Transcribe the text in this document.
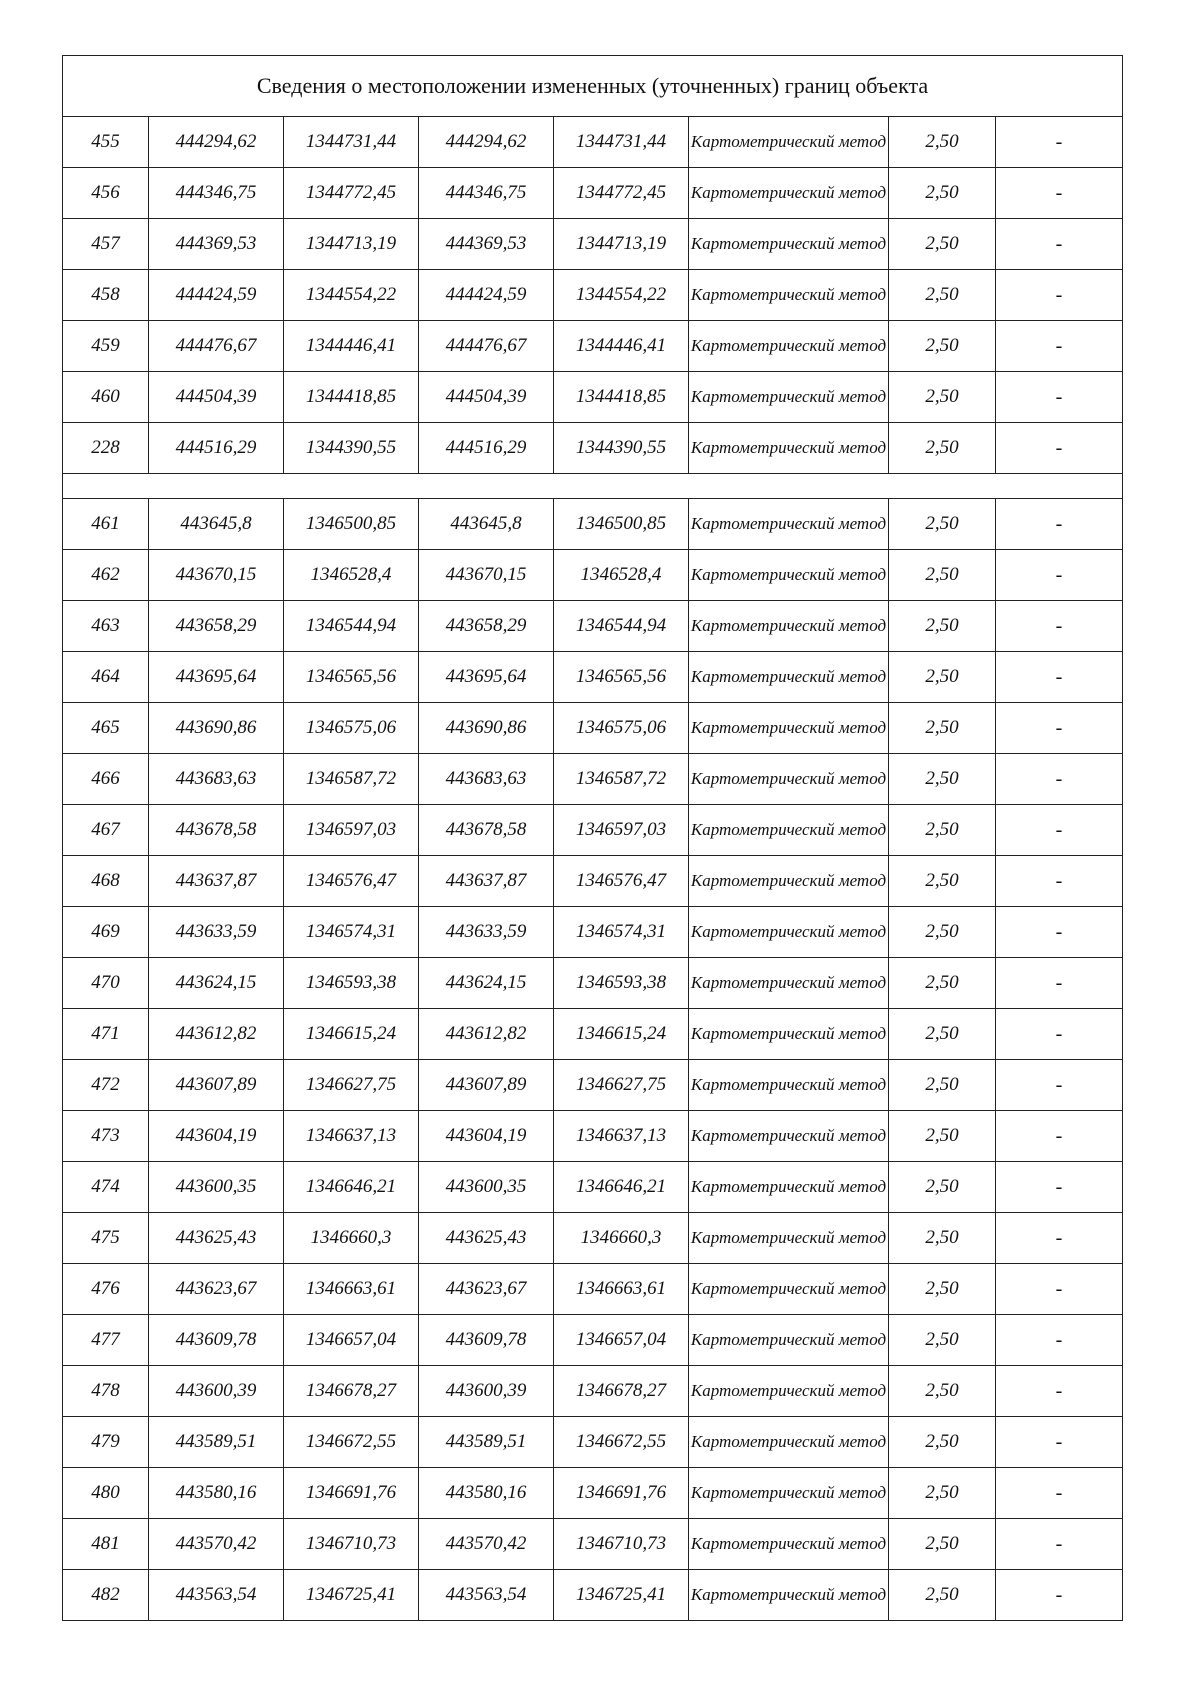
Сведения о местоположении измененных (уточненных) границ объекта							
455	444294,62	1344731,44	444294,62	1344731,44	Картометрический метод	2,50	-
456	444346,75	1344772,45	444346,75	1344772,45	Картометрический метод	2,50	-
457	444369,53	1344713,19	444369,53	1344713,19	Картометрический метод	2,50	-
458	444424,59	1344554,22	444424,59	1344554,22	Картометрический метод	2,50	-
459	444476,67	1344446,41	444476,67	1344446,41	Картометрический метод	2,50	-
460	444504,39	1344418,85	444504,39	1344418,85	Картометрический метод	2,50	-
228	444516,29	1344390,55	444516,29	1344390,55	Картометрический метод	2,50	-

461	443645,8	1346500,85	443645,8	1346500,85	Картометрический метод	2,50	-
462	443670,15	1346528,4	443670,15	1346528,4	Картометрический метод	2,50	-
463	443658,29	1346544,94	443658,29	1346544,94	Картометрический метод	2,50	-
464	443695,64	1346565,56	443695,64	1346565,56	Картометрический метод	2,50	-
465	443690,86	1346575,06	443690,86	1346575,06	Картометрический метод	2,50	-
466	443683,63	1346587,72	443683,63	1346587,72	Картометрический метод	2,50	-
467	443678,58	1346597,03	443678,58	1346597,03	Картометрический метод	2,50	-
468	443637,87	1346576,47	443637,87	1346576,47	Картометрический метод	2,50	-
469	443633,59	1346574,31	443633,59	1346574,31	Картометрический метод	2,50	-
470	443624,15	1346593,38	443624,15	1346593,38	Картометрический метод	2,50	-
471	443612,82	1346615,24	443612,82	1346615,24	Картометрический метод	2,50	-
472	443607,89	1346627,75	443607,89	1346627,75	Картометрический метод	2,50	-
473	443604,19	1346637,13	443604,19	1346637,13	Картометрический метод	2,50	-
474	443600,35	1346646,21	443600,35	1346646,21	Картометрический метод	2,50	-
475	443625,43	1346660,3	443625,43	1346660,3	Картометрический метод	2,50	-
476	443623,67	1346663,61	443623,67	1346663,61	Картометрический метод	2,50	-
477	443609,78	1346657,04	443609,78	1346657,04	Картометрический метод	2,50	-
478	443600,39	1346678,27	443600,39	1346678,27	Картометрический метод	2,50	-
479	443589,51	1346672,55	443589,51	1346672,55	Картометрический метод	2,50	-
480	443580,16	1346691,76	443580,16	1346691,76	Картометрический метод	2,50	-
481	443570,42	1346710,73	443570,42	1346710,73	Картометрический метод	2,50	-
482	443563,54	1346725,41	443563,54	1346725,41	Картометрический метод	2,50	-
